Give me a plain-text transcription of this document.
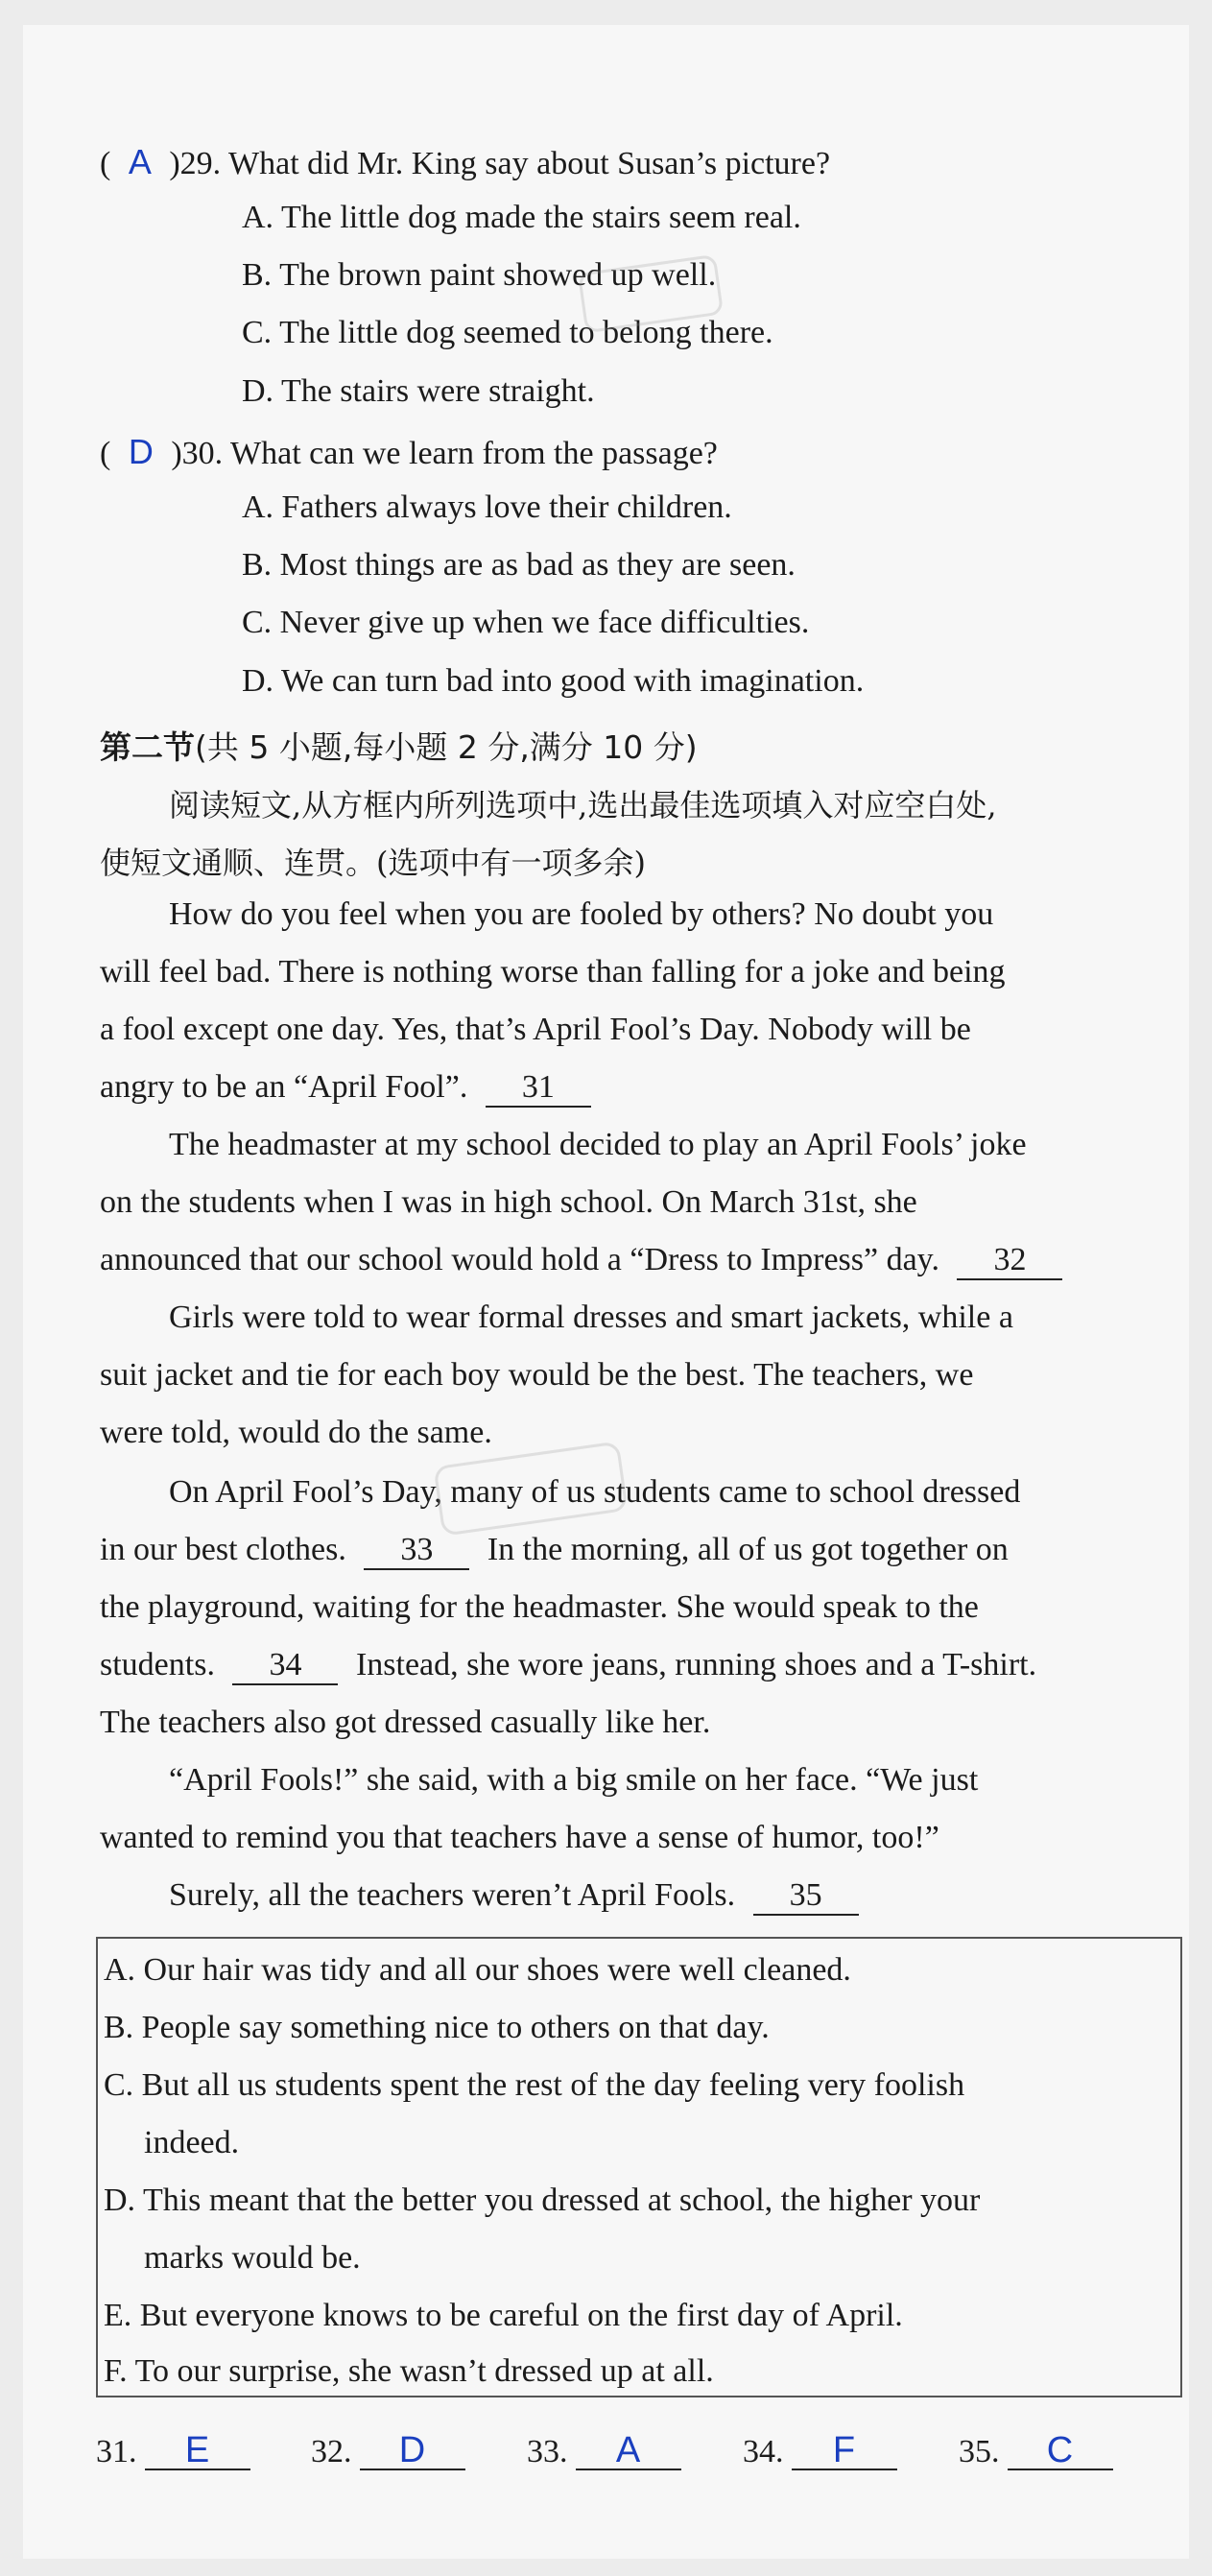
( A )29. What did Mr. King say about Susan’s picture?
A. The little dog made the stairs seem real.
B. The brown paint showed up well.
C. The little dog seemed to belong there.
D. The stairs were straight.
( D )30. What can we learn from the passage?
A. Fathers always love their children.
B. Most things are as bad as they are seen.
C. Never give up when we face difficulties.
D. We can turn bad into good with imagination.
第二节(共 5 小题,每小题 2 分,满分 10 分)
阅读短文,从方框内所列选项中,选出最佳选项填入对应空白处,
使短文通顺、连贯。(选项中有一项多余)
How do you feel when you are fooled by others? No doubt you
will feel bad. There is nothing worse than falling for a joke and being
a fool except one day. Yes, that’s April Fool’s Day. Nobody will be
angry to be an “April Fool”. 31
The headmaster at my school decided to play an April Fools’ joke
on the students when I was in high school. On March 31st, she
announced that our school would hold a “Dress to Impress” day. 32
Girls were told to wear formal dresses and smart jackets, while a
suit jacket and tie for each boy would be the best. The teachers, we
were told, would do the same.
On April Fool’s Day, many of us students came to school dressed
in our best clothes. 33 In the morning, all of us got together on
the playground, waiting for the headmaster. She would speak to the
students. 34 Instead, she wore jeans, running shoes and a T-shirt.
The teachers also got dressed casually like her.
“April Fools!” she said, with a big smile on her face. “We just
wanted to remind you that teachers have a sense of humor, too!”
Surely, all the teachers weren’t April Fools. 35
A. Our hair was tidy and all our shoes were well cleaned.
B. People say something nice to others on that day.
C. But all us students spent the rest of the day feeling very foolish
indeed.
D. This meant that the better you dressed at school, the higher your
marks would be.
E. But everyone knows to be careful on the first day of April.
F. To our surprise, she wasn’t dressed up at all.
31. E	32. D	33. A	34. F	35. C
